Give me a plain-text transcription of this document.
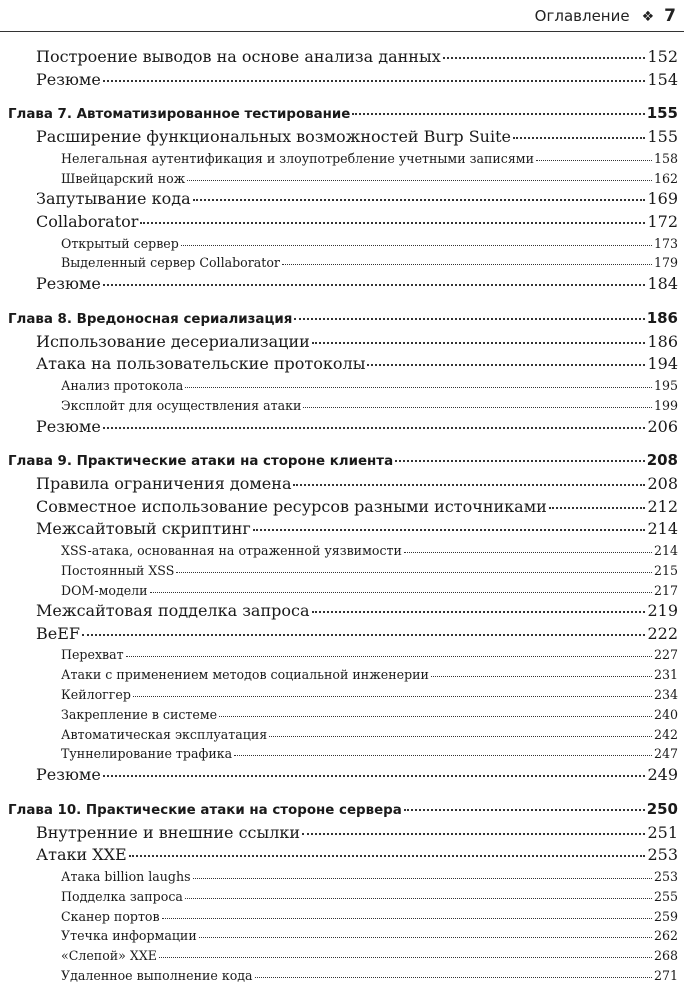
Оглавление ❖ 7
Построение выводов на основе анализа данных	152
Резюме	154
Глава 7. Автоматизированное тестирование	155
Расширение функциональных возможностей Burp Suite	155
Нелегальная аутентификация и злоупотребление учетными записями	158
Швейцарский нож	162
Запутывание кода	169
Collaborator	172
Открытый сервер	173
Выделенный сервер Collaborator	179
Резюме	184
Глава 8. Вредоносная сериализация	186
Использование десериализации	186
Атака на пользовательские протоколы	194
Анализ протокола	195
Эксплойт для осуществления атаки	199
Резюме	206
Глава 9. Практические атаки на стороне клиента	208
Правила ограничения домена	208
Совместное использование ресурсов разными источниками	212
Межсайтовый скриптинг	214
XSS-атака, основанная на отраженной уязвимости	214
Постоянный XSS	215
DOM-модели	217
Межсайтовая подделка запроса	219
BeEF	222
Перехват	227
Атаки с применением методов социальной инженерии	231
Кейлоггер	234
Закрепление в системе	240
Автоматическая эксплуатация	242
Туннелирование трафика	247
Резюме	249
Глава 10. Практические атаки на стороне сервера	250
Внутренние и внешние ссылки	251
Атаки XXE	253
Атака billion laughs	253
Подделка запроса	255
Сканер портов	259
Утечка информации	262
«Слепой» XXE	268
Удаленное выполнение кода	271
